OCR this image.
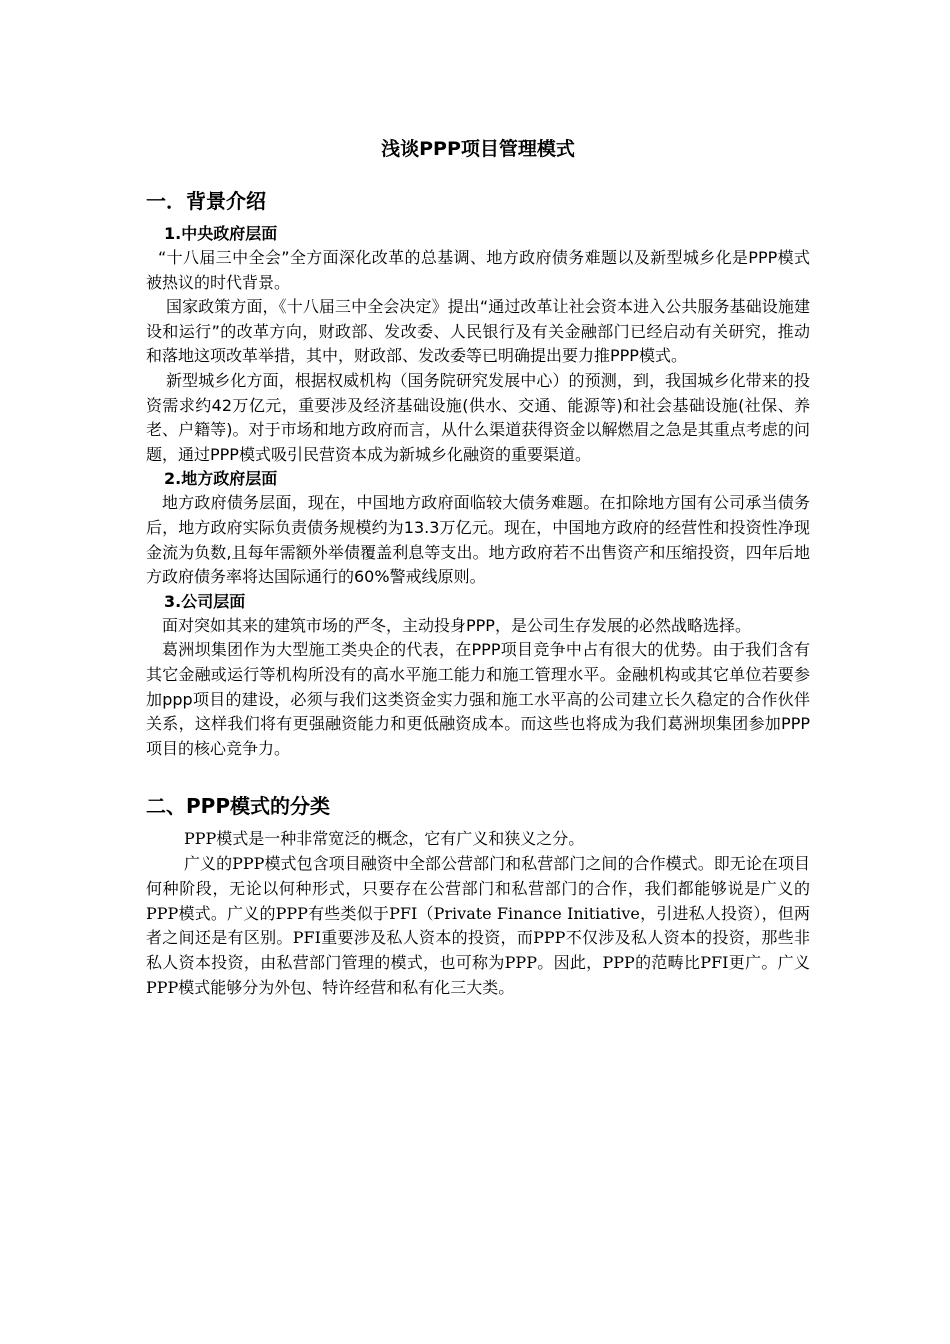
浅谈PPP项目管理模式
一．背景介绍
1.中央政府层面

“十八届三中全会”全方面深化改革的总基调、地方政府债务难题以及新型城乡化是PPP模式被热议的时代背景。

国家政策方面，《十八届三中全会决定》提出“通过改革让社会资本进入公共服务基础设施建设和运行”的改革方向，财政部、发改委、人民银行及有关金融部门已经启动有关研究，推动和落地这项改革举措，其中，财政部、发改委等已明确提出要力推PPP模式。

新型城乡化方面，根据权威机构（国务院研究发展中心）的预测，到，我国城乡化带来的投资需求约42万亿元，重要涉及经济基础设施(供水、交通、能源等)和社会基础设施(社保、养老、户籍等)。对于市场和地方政府而言，从什么渠道获得资金以解燃眉之急是其重点考虑的问题，通过PPP模式吸引民营资本成为新城乡化融资的重要渠道。

2.地方政府层面

地方政府债务层面，现在，中国地方政府面临较大债务难题。在扣除地方国有公司承当债务后，地方政府实际负责债务规模约为13.3万亿元。现在，中国地方政府的经营性和投资性净现金流为负数,且每年需额外举债覆盖利息等支出。地方政府若不出售资产和压缩投资，四年后地方政府债务率将达国际通行的60%警戒线原则。

3.公司层面

面对突如其来的建筑市场的严冬，主动投身PPP，是公司生存发展的必然战略选择。

葛洲坝集团作为大型施工类央企的代表，在PPP项目竞争中占有很大的优势。由于我们含有其它金融或运行等机构所没有的高水平施工能力和施工管理水平。金融机构或其它单位若要参加ppp项目的建设，必须与我们这类资金实力强和施工水平高的公司建立长久稳定的合作伙伴关系，这样我们将有更强融资能力和更低融资成本。而这些也将成为我们葛洲坝集团参加PPP项目的核心竞争力。

二、PPP模式的分类

PPP模式是一种非常宽泛的概念，它有广义和狭义之分。

广义的PPP模式包含项目融资中全部公营部门和私营部门之间的合作模式。即无论在项目何种阶段，无论以何种形式，只要存在公营部门和私营部门的合作，我们都能够说是广义的 PPP模式。广义的PPP有些类似于PFI（Private Finance Initiative，引进私人投资），但两者之间还是有区别。PFI重要涉及私人资本的投资，而PPP不仅涉及私人资本的投资，那些非私人资本投资，由私营部门管理的模式，也可称为PPP。因此，PPP的范畴比PFI更广。广义PPP模式能够分为外包、特许经营和私有化三大类。
